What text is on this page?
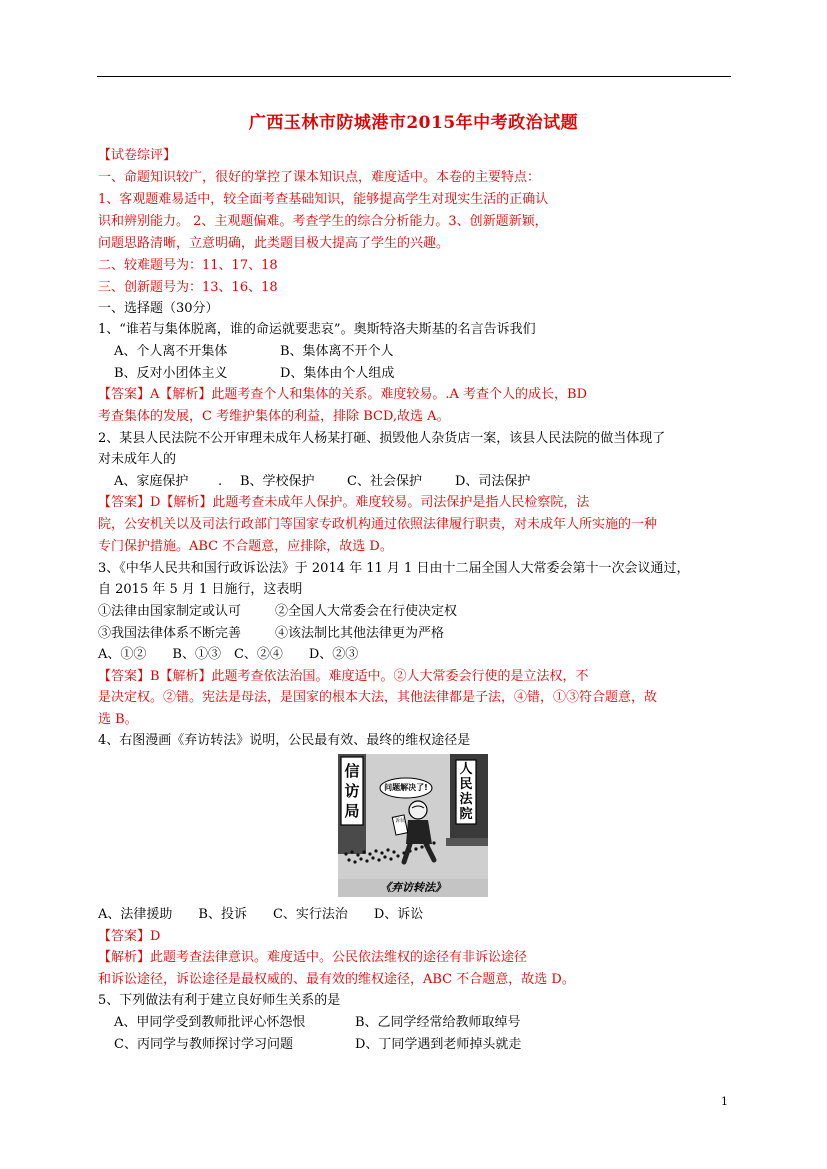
广西玉林市防城港市2015年中考政治试题
【试卷综评】
一、命题知识较广，很好的掌控了课本知识点，难度适中。本卷的主要特点：
1、客观题难易适中，较全面考查基础知识，能够提高学生对现实生活的正确认
识和辨别能力。 2、主观题偏难。考查学生的综合分析能力。3、创新题新颖，
问题思路清晰，立意明确，此类题目极大提高了学生的兴趣。
二、较难题号为：11、17、18
三、创新题号为：13、16、18
一、选择题（30分）
1、“谁若与集体脱离，谁的命运就要悲哀”。奥斯特洛夫斯基的名言告诉我们
A、个人离不开集体	B、集体离不开个人
B、反对小团体主义	D、集体由个人组成
【答案】A【解析】此题考查个人和集体的关系。难度较易。.A 考查个人的成长，BD
考查集体的发展，C 考维护集体的利益，排除 BCD,故选 A。
2、某县人民法院不公开审理未成年人杨某打砸、损毁他人杂货店一案，该县人民法院的做当体现了
对未成年人的
A、家庭保护 . B、学校保护 C、社会保护	D、司法保护
【答案】D【解析】此题考查未成年人保护。难度较易。司法保护是指人民检察院，法
院，公安机关以及司法行政部门等国家专政机构通过依照法律履行职责，对未成年人所实施的一种
专门保护措施。ABC 不合题意，应排除，故选 D。
3、《中华人民共和国行政诉讼法》于 2014 年 11 月 1 日由十二届全国人大常委会第十一次会议通过，
自 2015 年 5 月 1 日施行，这表明
①法律由国家制定或认可	②全国人大常委会在行使决定权
③我国法律体系不断完善	④该法制比其他法律更为严格
A、①②　　B、①③　C、②④　　D、②③
【答案】B【解析】此题考查依法治国。难度适中。②人大常委会行使的是立法权，不
是决定权。②错。宪法是母法，是国家的根本大法，其他法律都是子法，④错，①③符合题意，故
选 B。
4、右图漫画《弃访转法》说明，公民最有效、最终的维权途径是
信访局
人民法院
问题解决了!
诉状
《弃访转法》
A、法律援助　　B、投诉　　C、实行法治　　D、诉讼
【答案】D
【解析】此题考查法律意识。难度适中。公民依法维权的途径有非诉讼途径
和诉讼途径，诉讼途径是最权威的、最有效的维权途径，ABC 不合题意，故选 D。
5、下列做法有利于建立良好师生关系的是
A、甲同学受到教师批评心怀怨恨	B、乙同学经常给教师取绰号
C、丙同学与教师探讨学习问题	D、丁同学遇到老师掉头就走
1
